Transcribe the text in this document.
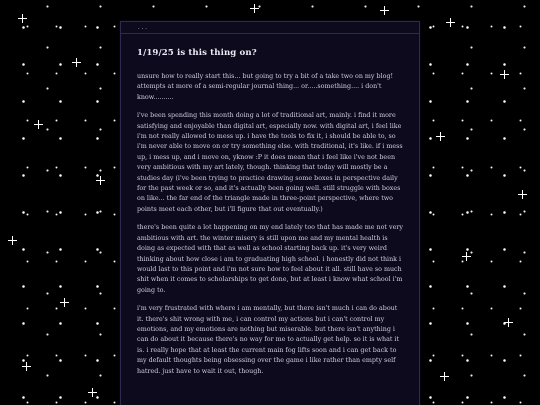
...
1/19/25 is this thing on?

unsure how to really start this... but going to try a bit of a take two on my blog! attempts at more of a semi-regular journal thing... or.....something.... i don't know..........

i've been spending this month doing a lot of traditional art, mainly. i find it more satisfying and enjoyable than digital art, especially now. with digital art, i feel like i'm not really allowed to mess up. i have the tools to fix it, i should be able to, so i'm never able to move on or try something else. with traditional, it's like. if i mess up, i mess up, and i move on, yknow :P it does mean that i feel like i've not been very ambitious with my art lately, though. thinking that today will mostly be a studies day (i've been trying to practice drawing some boxes in perspective daily for the past week or so, and it's actually been going well. still struggle with boxes on like... the far end of the triangle made in three-point perspective, where two points meet each other, but i'll figure that out eventually.)

there's been quite a lot happening on my end lately too that has made me not very ambitious with art. the winter misery is still upon me and my mental health is doing as expected with that as well as school starting back up. it's very weird thinking about how close i am to graduating high school. i honestly did not think i would last to this point and i'm not sure how to feel about it all. still have so much shit when it comes to scholarships to get done, but at least i know what school i'm going to.

i'm very frustrated with where i am mentally, but there isn't much i can do about it. there's shit wrong with me, i can control my actions but i can't control my emotions, and my emotions are nothing but miserable. but there isn't anything i can do about it because there's no way for me to actually get help. so it is what it is. i really hope that at least the current main fog lifts soon and i can get back to my default thoughts being obsessing over the game i like rather than empty self hatred. just have to wait it out, though.
